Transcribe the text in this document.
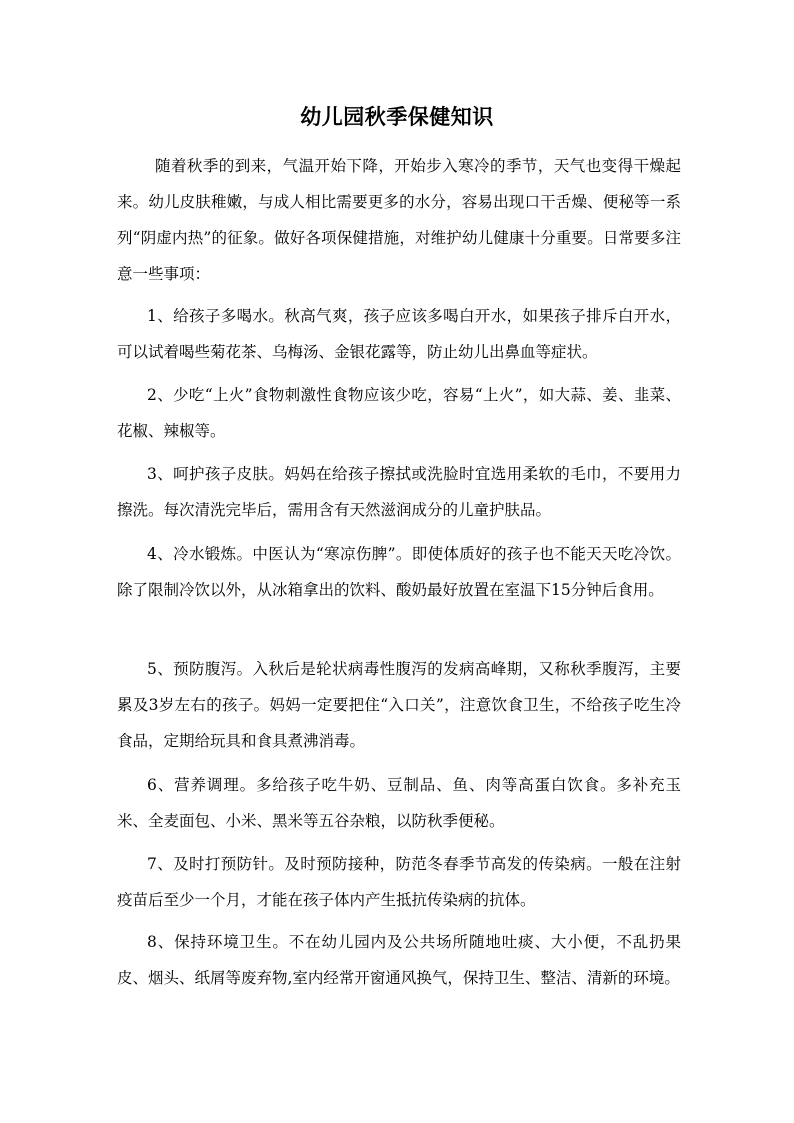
幼儿园秋季保健知识

随着秋季的到来，气温开始下降，开始步入寒冷的季节，天气也变得干燥起来。幼儿皮肤稚嫩，与成人相比需要更多的水分，容易出现口干舌燥、便秘等一系列“阴虚内热”的征象。做好各项保健措施，对维护幼儿健康十分重要。日常要多注意一些事项：

1、给孩子多喝水。秋高气爽，孩子应该多喝白开水，如果孩子排斥白开水，可以试着喝些菊花茶、乌梅汤、金银花露等，防止幼儿出鼻血等症状。

2、少吃“上火”食物刺激性食物应该少吃，容易“上火”，如大蒜、姜、韭菜、花椒、辣椒等。

3、呵护孩子皮肤。妈妈在给孩子擦拭或洗脸时宜选用柔软的毛巾，不要用力擦洗。每次清洗完毕后，需用含有天然滋润成分的儿童护肤品。

4、冷水锻炼。中医认为“寒凉伤脾”。即使体质好的孩子也不能天天吃冷饮。除了限制冷饮以外，从冰箱拿出的饮料、酸奶最好放置在室温下15分钟后食用。

5、预防腹泻。入秋后是轮状病毒性腹泻的发病高峰期，又称秋季腹泻，主要累及3岁左右的孩子。妈妈一定要把住“入口关”，注意饮食卫生，不给孩子吃生冷食品，定期给玩具和食具煮沸消毒。

6、营养调理。多给孩子吃牛奶、豆制品、鱼、肉等高蛋白饮食。多补充玉米、全麦面包、小米、黑米等五谷杂粮，以防秋季便秘。

7、及时打预防针。及时预防接种，防范冬春季节高发的传染病。一般在注射疫苗后至少一个月，才能在孩子体内产生抵抗传染病的抗体。

8、保持环境卫生。不在幼儿园内及公共场所随地吐痰、大小便，不乱扔果皮、烟头、纸屑等废弃物,室内经常开窗通风换气，保持卫生、整洁、清新的环境。
